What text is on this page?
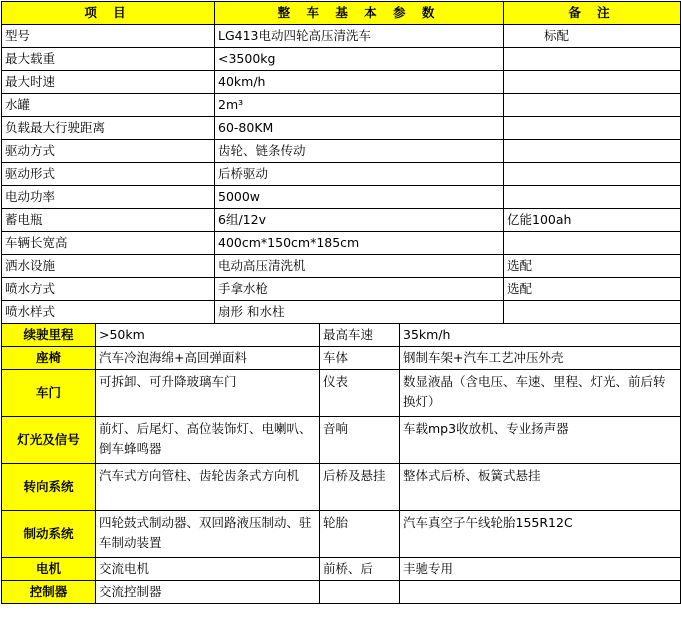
项 目	整 车 基 本 参 数	备 注
型号	LG413电动四轮高压清洗车	标配
最大载重	<3500kg	
最大时速	40km/h	
水罐	2m³	
负载最大行驶距离	60-80KM	
驱动方式	齿轮、链条传动	
驱动形式	后桥驱动	
电动功率	5000w	
蓄电瓶	6组/12v	亿能100ah
车辆长宽高	400cm*150cm*185cm	
洒水设施	电动高压清洗机	选配
喷水方式	手拿水枪	选配
喷水样式	扇形 和水柱	
续驶里程	>50km	最高车速	35km/h
座椅	汽车冷泡海绵+高回弹面料	车体	钢制车架+汽车工艺冲压外壳
车门	可拆卸、可升降玻璃车门	仪表	数显液晶（含电压、车速、里程、灯光、前后转换灯）
灯光及信号	前灯、后尾灯、高位装饰灯、电喇叭、倒车蜂鸣器	音响	车载mp3收放机、专业扬声器
转向系统	汽车式方向管柱、齿轮齿条式方向机	后桥及悬挂	整体式后桥、板簧式悬挂
制动系统	四轮鼓式制动器、双回路液压制动、驻车制动装置	轮胎	汽车真空子午线轮胎155R12C
电机	交流电机	前桥、后	丰驰专用
控制器	交流控制器		
